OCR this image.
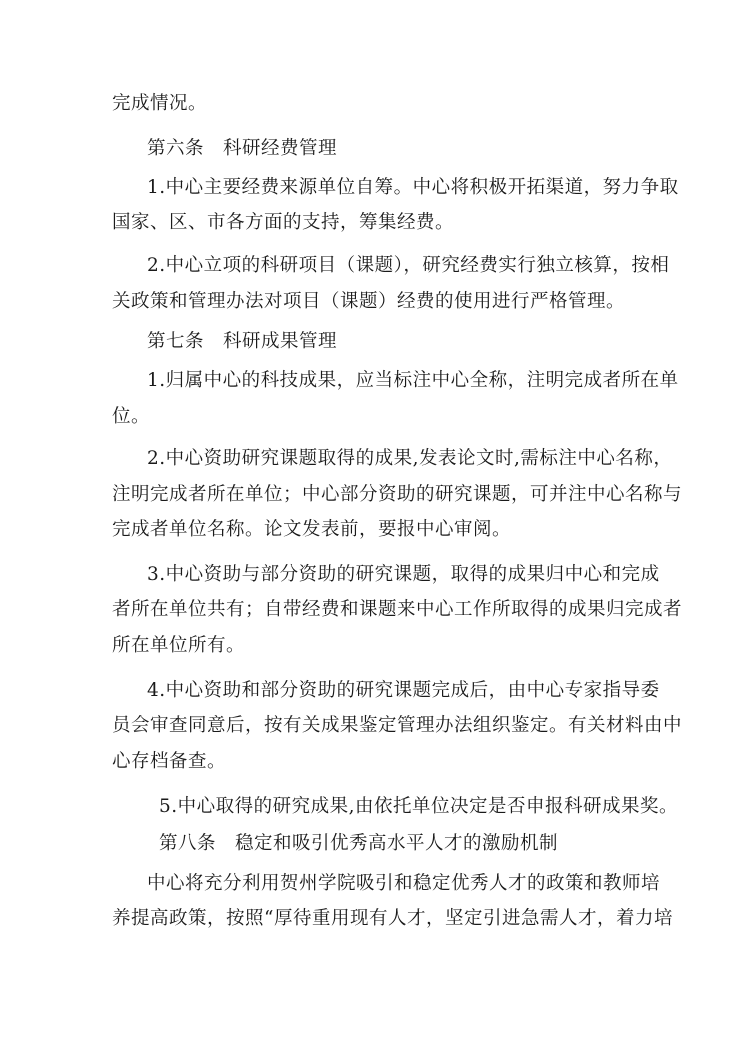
完成情况。
第六条　科研经费管理
1.中心主要经费来源单位自筹。中心将积极开拓渠道，努力争取
国家、区、市各方面的支持，筹集经费。
2.中心立项的科研项目（课题），研究经费实行独立核算，按相
关政策和管理办法对项目（课题）经费的使用进行严格管理。
第七条　科研成果管理
1.归属中心的科技成果，应当标注中心全称，注明完成者所在单
位。
2.中心资助研究课题取得的成果,发表论文时,需标注中心名称，
注明完成者所在单位；中心部分资助的研究课题，可并注中心名称与
完成者单位名称。论文发表前，要报中心审阅。
3.中心资助与部分资助的研究课题，取得的成果归中心和完成
者所在单位共有；自带经费和课题来中心工作所取得的成果归完成者
所在单位所有。
4.中心资助和部分资助的研究课题完成后，由中心专家指导委
员会审查同意后，按有关成果鉴定管理办法组织鉴定。有关材料由中
心存档备查。
5.中心取得的研究成果,由依托单位决定是否申报科研成果奖。
第八条　稳定和吸引优秀高水平人才的激励机制
中心将充分利用贺州学院吸引和稳定优秀人才的政策和教师培
养提高政策，按照“厚待重用现有人才，坚定引进急需人才，着力培
